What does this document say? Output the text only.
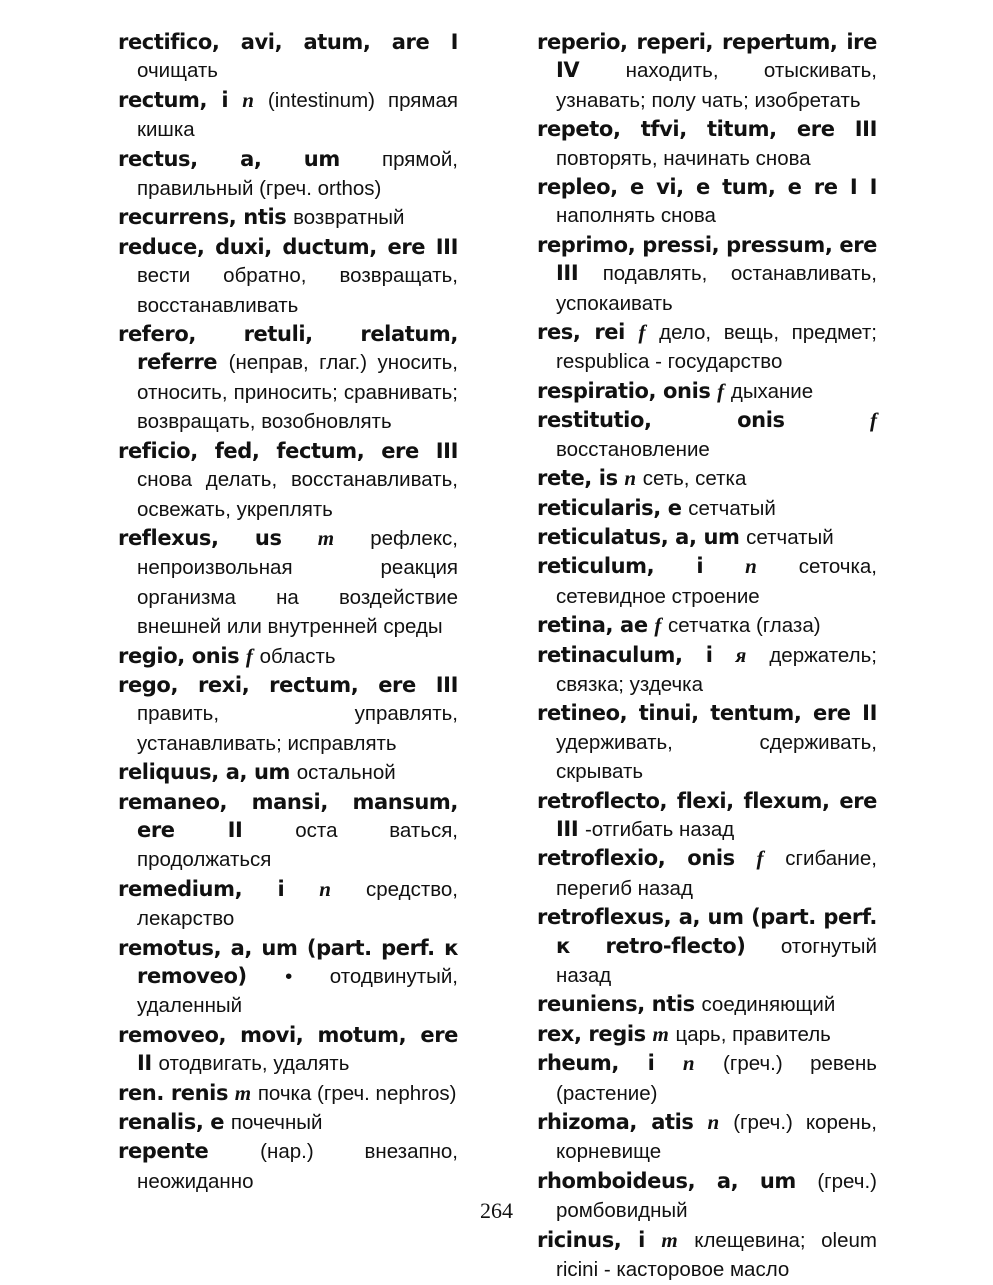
rectifico, avi, atum, are I очищать
rectum, i n (intestinum) прямая кишка
rectus, a, um прямой, правильный (греч. orthos)
recurrens, ntis возвратный
reduce, duxi, ductum, ere III вести обратно, возвращать, восстанавливать
refero, retuli, relatum, referre (неправ, глаг.) уносить, относить, приносить; сравнивать; возвращать, возобновлять
reficio, fed, fectum, ere III снова делать, восстанавливать, освежать, укреплять
reflexus, us m рефлекс, непроизвольная реакция организма на воздействие внешней или внутренней среды
regio, onis f область
rego, rexi, rectum, ere III править, управлять, устанавливать; исправлять
reliquus, a, um остальной
remaneo, mansi, mansum, ere II	оста ваться, продолжаться
remedium, i n средство, лекарство
remotus, a, um (part. perf. к removeo) • отодвинутый, удаленный
removeo, movi, motum, ere II отодвигать, удалять
ren. renis m почка (греч. nephros)
renalis, e почечный
repente	(нар.) внезапно, неожиданно
reperio, reperi, repertum, ire IV находить, отыскивать, узнавать; полу чать; изобретать
repeto, tfvi, titum, ere III повторять, начинать снова
repleo, e vi, e tum, e re I I наполнять снова
reprimo, pressi, pressum, ere III подавлять, останавливать, успокаивать
res, rei f дело, вещь, предмет; respublica - государство
respiratio, onis f дыхание
restitutio, onis	f восстановление
rete, is n сеть, сетка
reticularis, e сетчатый
reticulatus, a, um сетчатый
reticulum, i n сеточка, сетевидное строение
retina, ae f сетчатка (глаза)
retinaculum, i я держатель; связка; уздечка
retineo, tinui, tentum, ere II удерживать, сдерживать, скрывать
retroflecto, flexi, flexum, ere III -отгибать назад
retroflexio, onis f сгибание, перегиб назад
retroflexus, a, um (part. perf. к retro-flecto) отогнутый назад
reuniens, ntis соединяющий
rex, regis m царь, правитель
rheum, i n (греч.) ревень (растение)
rhizoma, atis n (греч.) корень, корневище
rhomboideus, a, um (греч.) ромбовидный
ricinus, i m клещевина; oleum ricini - касторовое масло
264
